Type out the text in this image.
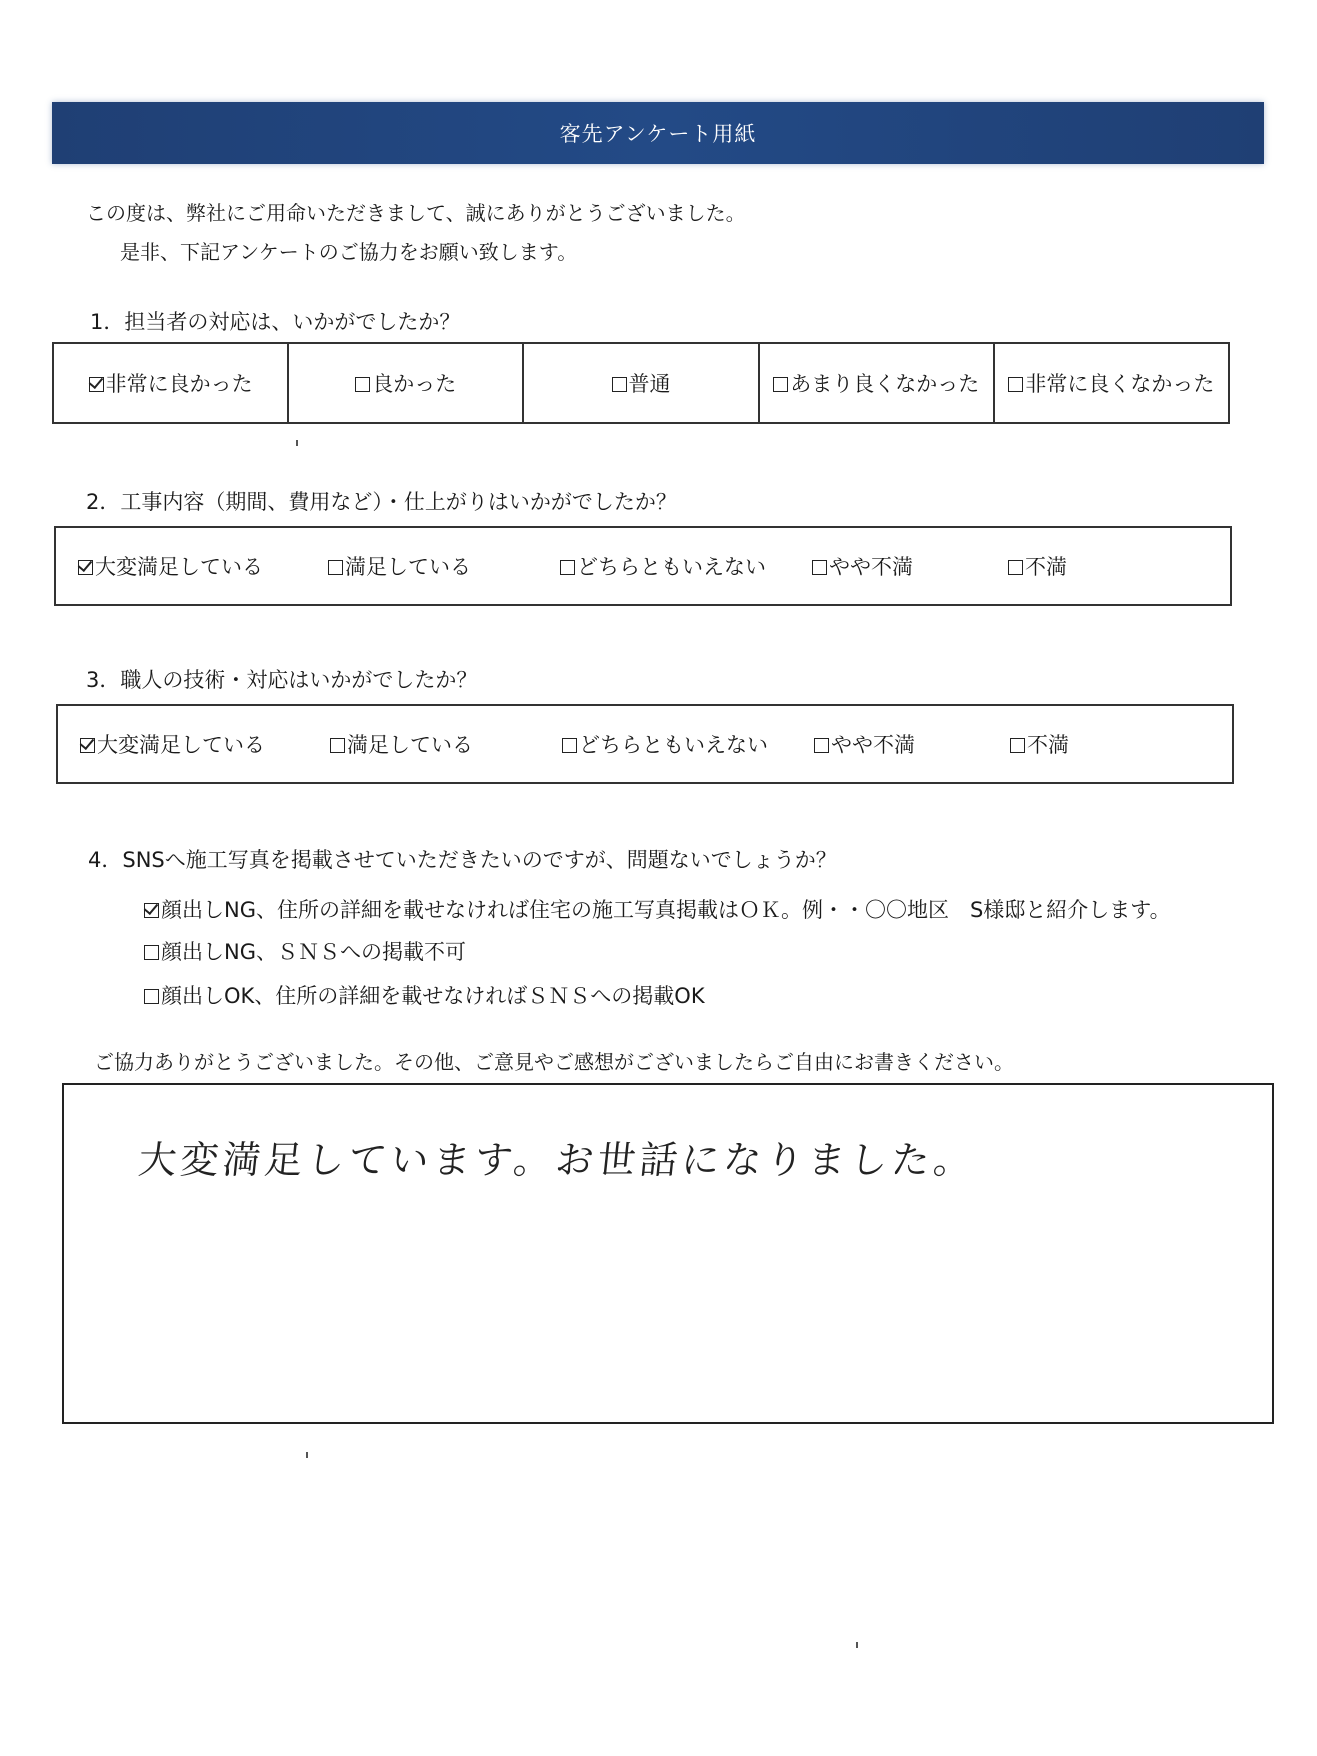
客先アンケート用紙
この度は、弊社にご用命いただきまして、誠にありがとうございました。
是非、下記アンケートのご協力をお願い致します。
1．担当者の対応は、いかがでしたか？
非常に良かった	良かった	普通	あまり良くなかった 非常に良くなかった
2．工事内容（期間、費用など）・仕上がりはいかがでしたか？
大変満足している	満足している	どちらともいえない	やや不満	不満
3．職人の技術・対応はいかがでしたか？
大変満足している	満足している	どちらともいえない	やや不満	不満
4．SNSへ施工写真を掲載させていただきたいのですが、問題ないでしょうか？
顔出しNG、住所の詳細を載せなければ住宅の施工写真掲載はＯＫ。例・・〇〇地区　S様邸と紹介します。
顔出しNG、ＳＮＳへの掲載不可
顔出しOK、住所の詳細を載せなければＳＮＳへの掲載OK
ご協力ありがとうございました。その他、ご意見やご感想がございましたらご自由にお書きください。
大変満足しています。お世話になりました。
